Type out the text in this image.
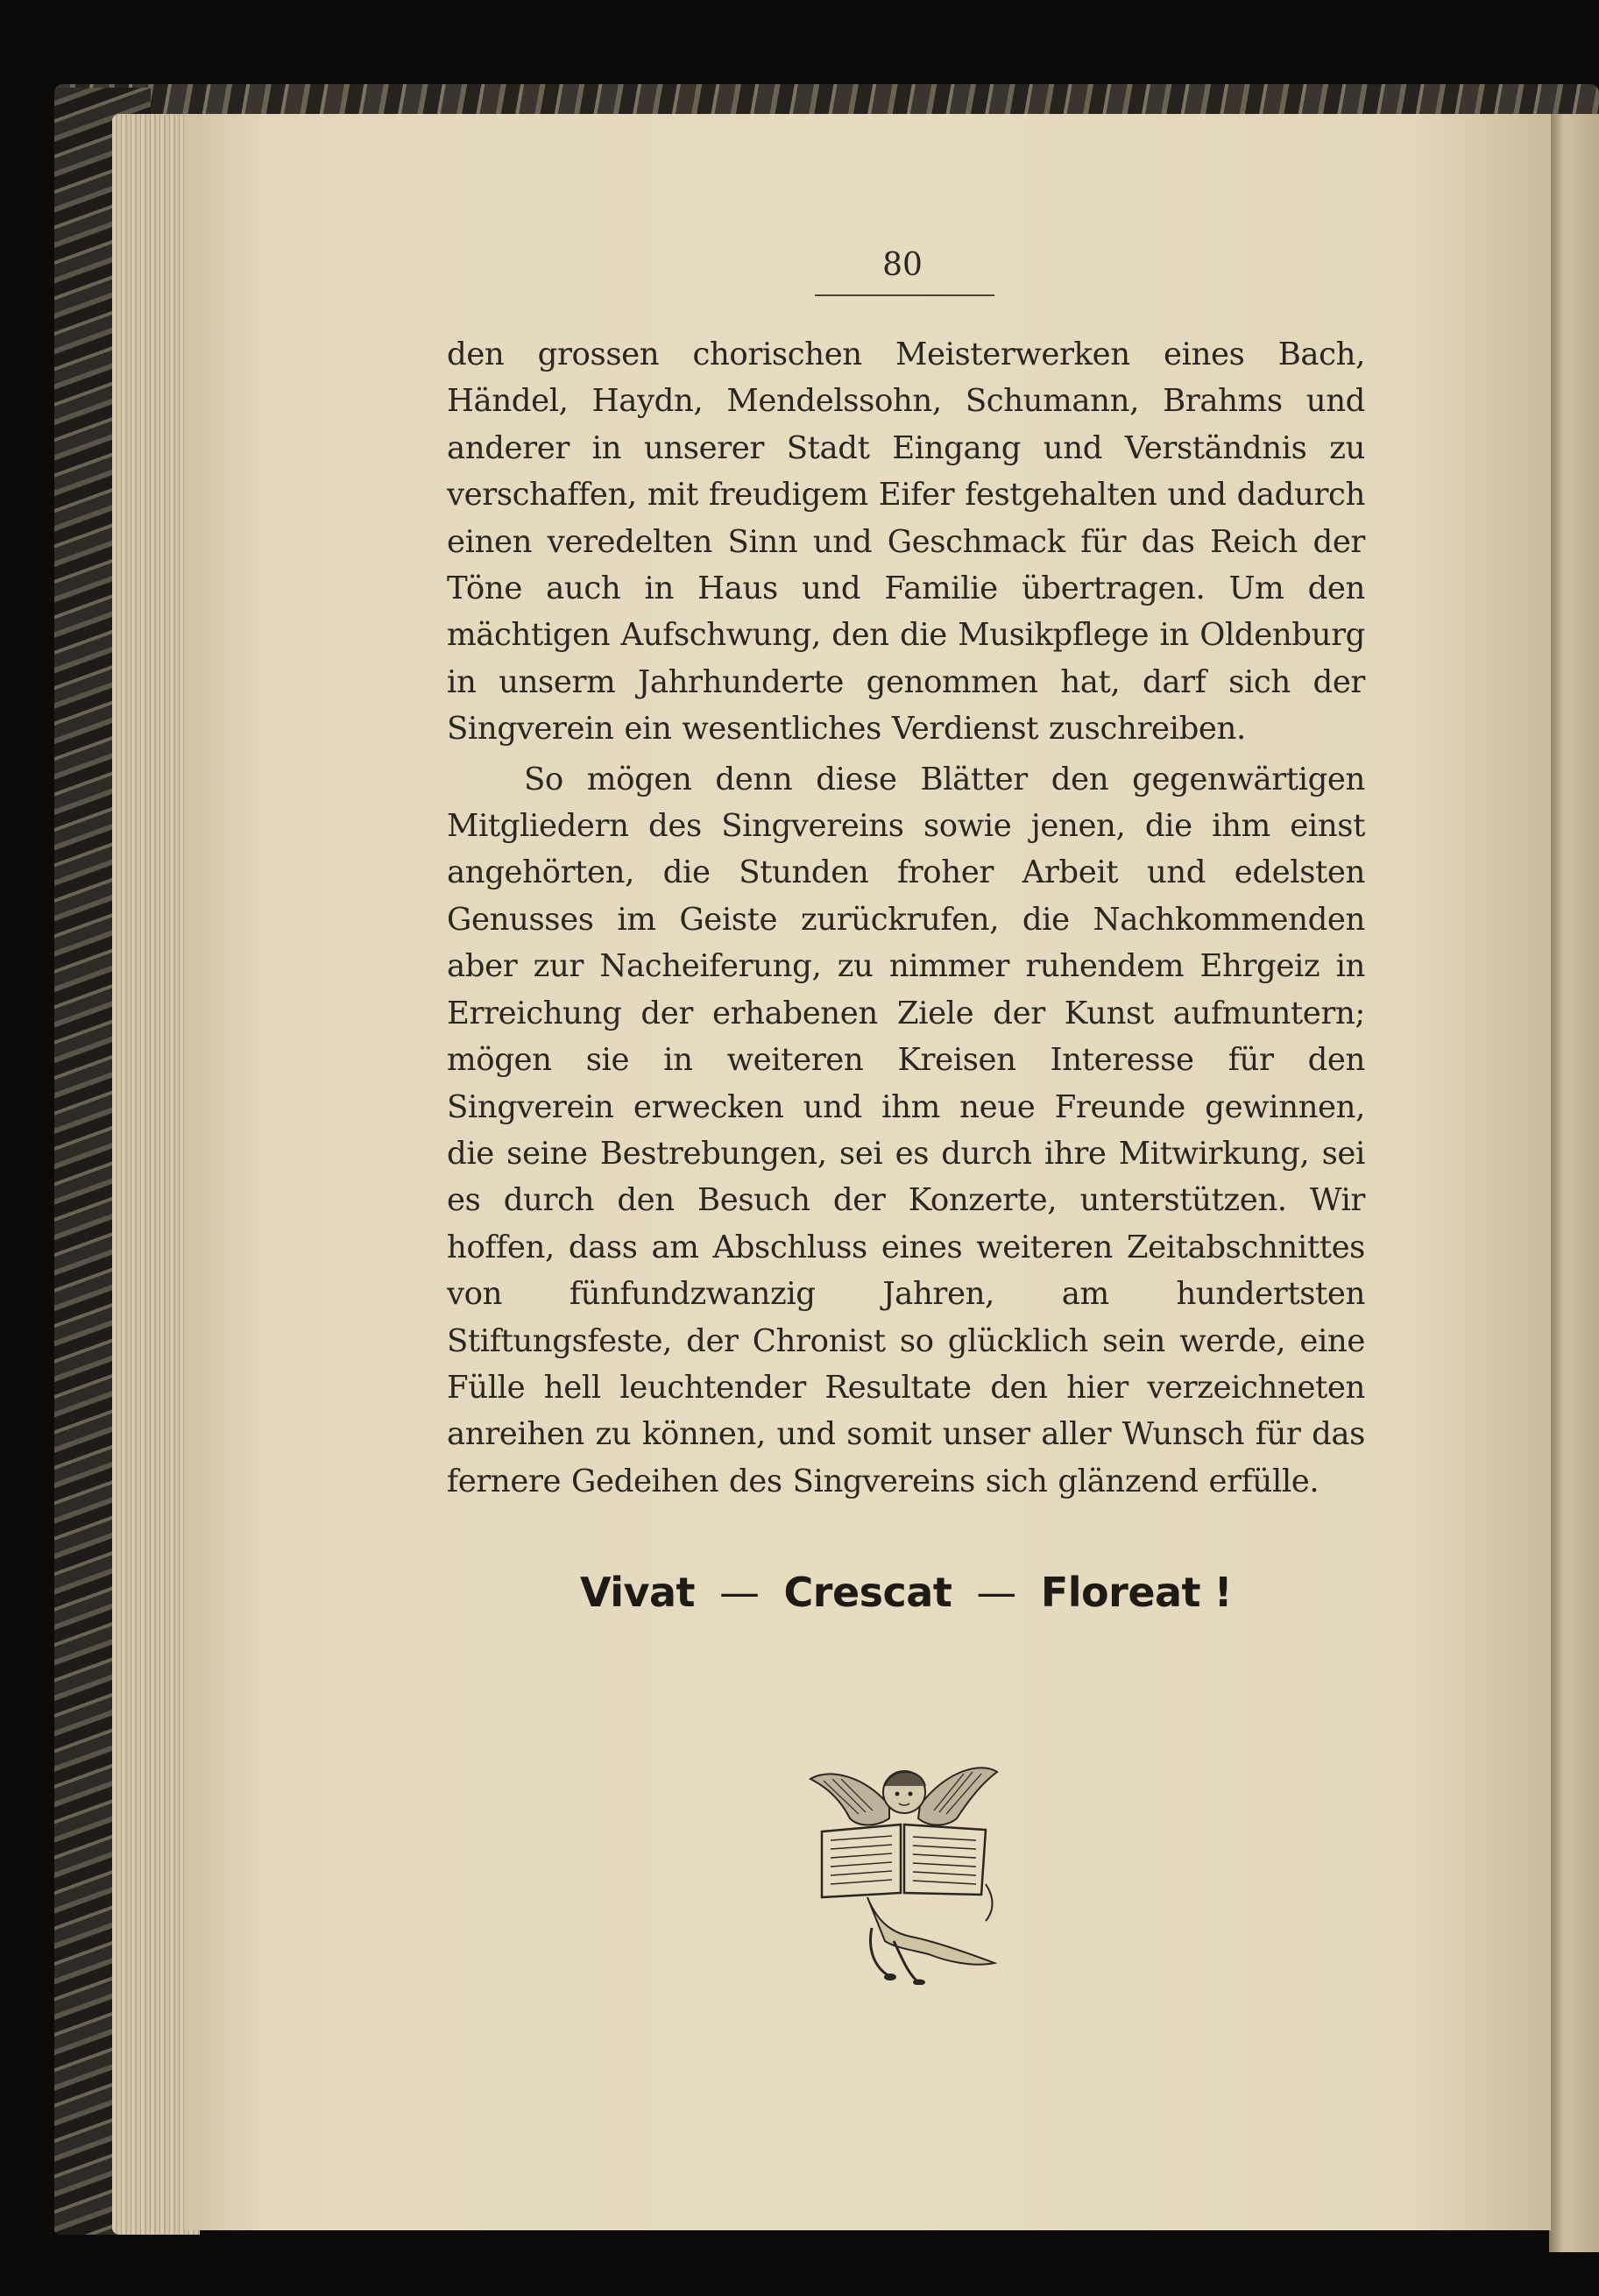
80

den grossen chorischen Meisterwerken eines Bach, Händel, Haydn, Mendelssohn, Schumann, Brahms und anderer in unserer Stadt Eingang und Verständnis zu verschaffen, mit freudigem Eifer festgehalten und dadurch einen veredelten Sinn und Geschmack für das Reich der Töne auch in Haus und Familie übertragen. Um den mächtigen Aufschwung, den die Musikpflege in Oldenburg in unserm Jahrhunderte genommen hat, darf sich der Singverein ein wesentliches Verdienst zuschreiben.

So mögen denn diese Blätter den gegenwärtigen Mitgliedern des Singvereins sowie jenen, die ihm einst angehörten, die Stunden froher Arbeit und edelsten Genusses im Geiste zurückrufen, die Nachkommenden aber zur Nacheiferung, zu nimmer ruhendem Ehrgeiz in Erreichung der erhabenen Ziele der Kunst aufmuntern; mögen sie in weiteren Kreisen Interesse für den Singverein erwecken und ihm neue Freunde gewinnen, die seine Bestrebungen, sei es durch ihre Mitwirkung, sei es durch den Besuch der Konzerte, unterstützen. Wir hoffen, dass am Abschluss eines weiteren Zeitabschnittes von fünfundzwanzig Jahren, am hundertsten Stiftungsfeste, der Chronist so glücklich sein werde, eine Fülle hell leuchtender Resultate den hier verzeichneten anreihen zu können, und somit unser aller Wunsch für das fernere Gedeihen des Singvereins sich glänzend erfülle.

Vivat — Crescat — Floreat !
